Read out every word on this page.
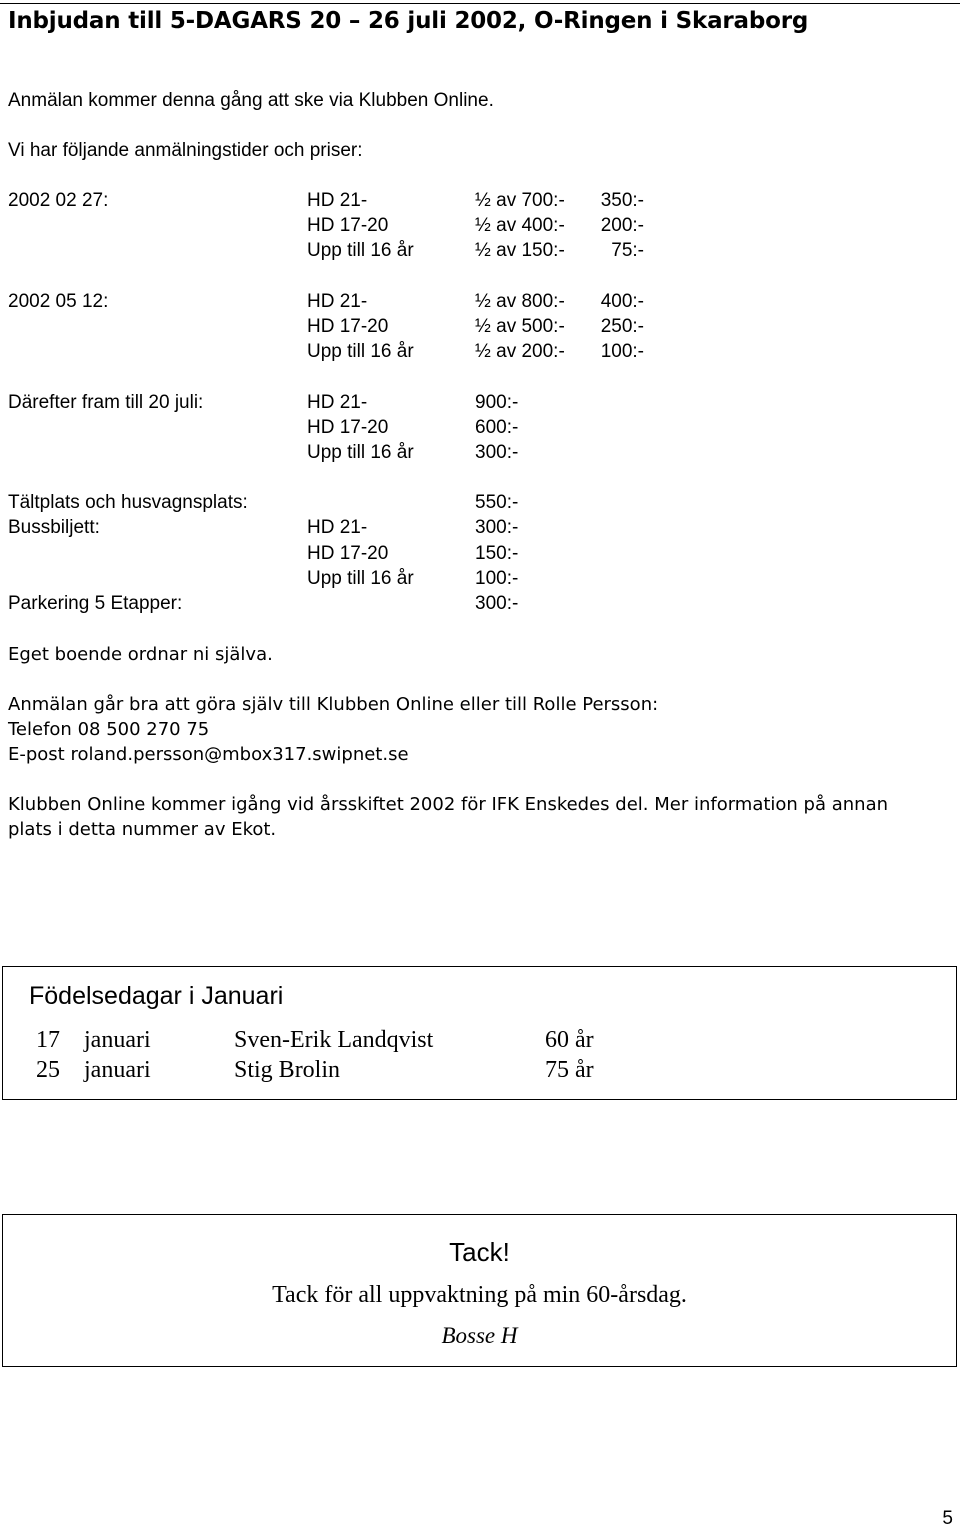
Inbjudan till 5-DAGARS 20 – 26 juli 2002, O-Ringen i Skaraborg
Anmälan kommer denna gång att ske via Klubben Online.
Vi har följande anmälningstider och priser:
2002 02 27:	HD 21-	½ av 700:-	350:-
HD 17-20	½ av 400:-	200:-
Upp till 16 år	½ av 150:-	75:-
2002 05 12:	HD 21-	½ av 800:-	400:-
HD 17-20	½ av 500:-	250:-
Upp till 16 år	½ av 200:-	100:-
Därefter fram till 20 juli:	HD 21-	900:-
HD 17-20	600:-
Upp till 16 år	300:-
Tältplats och husvagnsplats:	550:-
Bussbiljett:	HD 21-	300:-
HD 17-20	150:-
Upp till 16 år	100:-
Parkering 5 Etapper:	300:-
Eget boende ordnar ni själva.
Anmälan går bra att göra själv till Klubben Online eller till Rolle Persson:
Telefon 08 500 270 75
E-post roland.persson@mbox317.swipnet.se
Klubben Online kommer igång vid årsskiftet 2002 för IFK Enskedes del. Mer information på annan
plats i detta nummer av Ekot.
Födelsedagar i Januari
17 januari	Sven-Erik Landqvist	60 år
25 januari	Stig Brolin	75 år
Tack!
Tack för all uppvaktning på min 60-årsdag.
Bosse H
5
